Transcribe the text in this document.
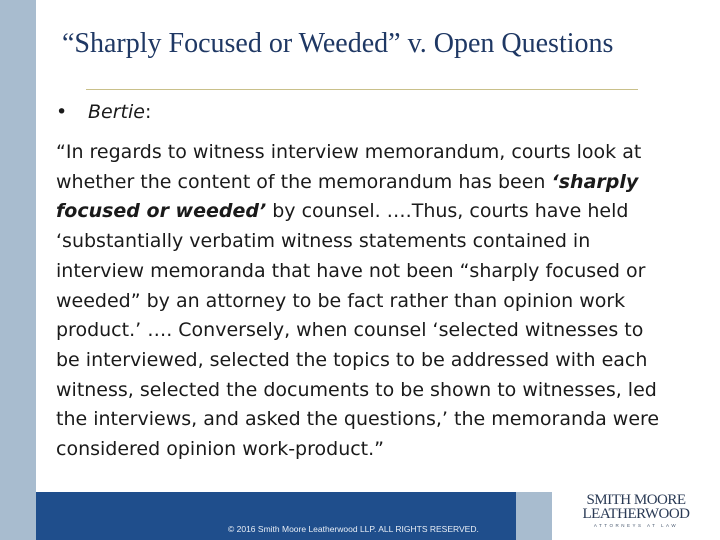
“Sharply Focused or Weeded” v. Open Questions
• Bertie:
“In regards to witness interview memorandum, courts look at
whether the content of the memorandum has been ‘sharply
focused or weeded’ by counsel. ….Thus, courts have held
‘substantially verbatim witness statements contained in
interview memoranda that have not been “sharply focused or
weeded” by an attorney to be fact rather than opinion work
product.’ …. Conversely, when counsel ‘selected witnesses to
be interviewed, selected the topics to be addressed with each
witness, selected the documents to be shown to witnesses, led
the interviews, and asked the questions,’ the memoranda were
considered opinion work-product.”
© 2016 Smith Moore Leatherwood LLP. ALL RIGHTS RESERVED.
SMITH MOORE
LEATHERWOOD
ATTORNEYS AT LAW
